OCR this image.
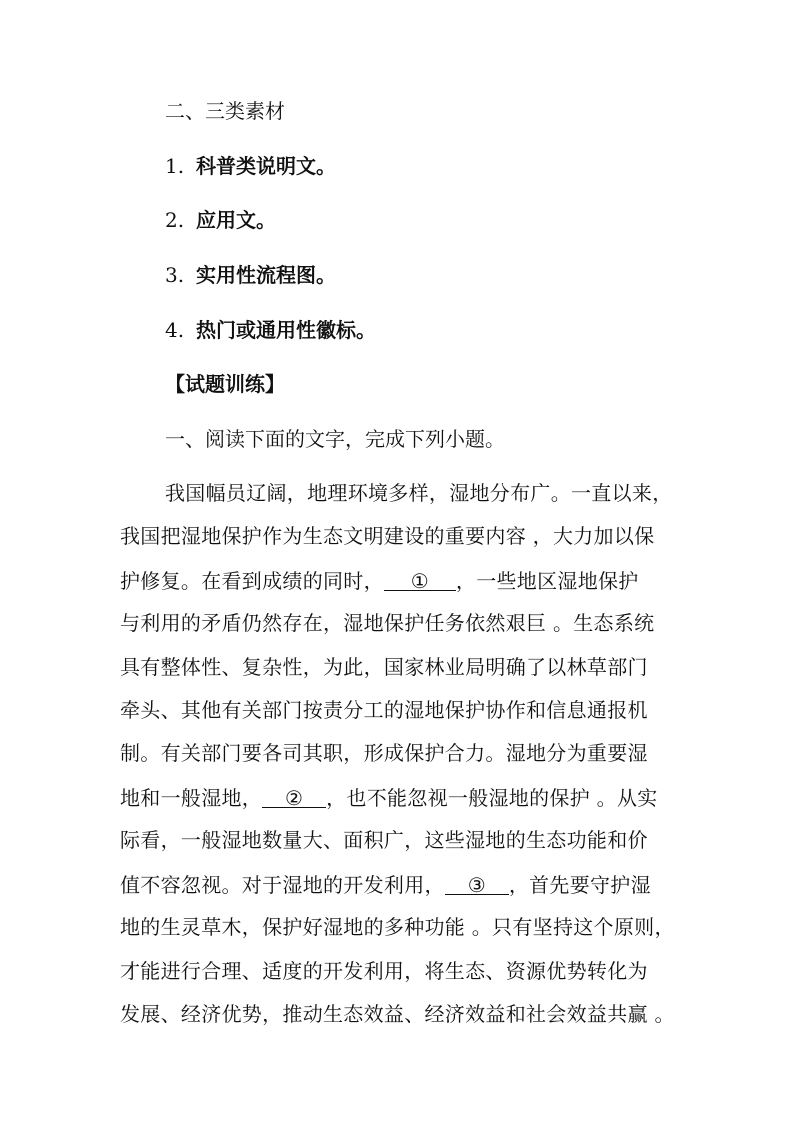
二、三类素材
1. 科普类说明文。
2. 应用文。
3. 实用性流程图。
4. 热门或通用性徽标。
【试题训练】
一、阅读下面的文字，完成下列小题。
我国幅员辽阔，地理环境多样，湿地分布广。一直以来，
我国把湿地保护作为生态文明建设的重要内容 ，大力加以保
护修复。在看到成绩的同时， ① ，一些地区湿地保护
与利用的矛盾仍然存在，湿地保护任务依然艰巨 。生态系统
具有整体性、复杂性，为此，国家林业局明确了以林草部门
牵头、其他有关部门按责分工的湿地保护协作和信息通报机
制。有关部门要各司其职，形成保护合力。湿地分为重要湿
地和一般湿地， ② ，也不能忽视一般湿地的保护 。从实
际看，一般湿地数量大、面积广，这些湿地的生态功能和价
值不容忽视。对于湿地的开发利用， ③ ，首先要守护湿
地的生灵草木，保护好湿地的多种功能 。只有坚持这个原则，
才能进行合理、适度的开发利用，将生态、资源优势转化为
发展、经济优势，推动生态效益、经济效益和社会效益共赢 。
